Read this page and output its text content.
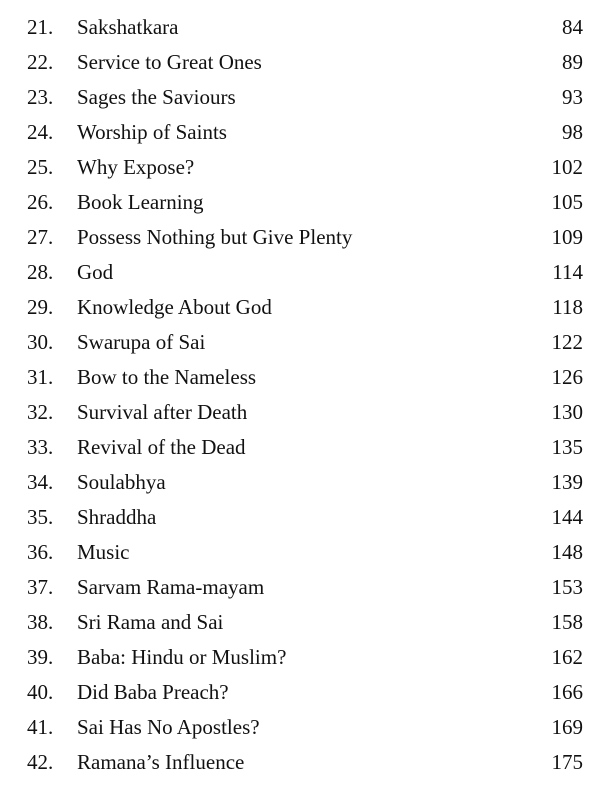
21.	Sakshatkara	84
22.	Service to Great Ones	89
23.	Sages the Saviours	93
24.	Worship of Saints	98
25.	Why Expose?	102
26.	Book Learning	105
27.	Possess Nothing but Give Plenty	109
28.	God	114
29.	Knowledge About God	118
30.	Swarupa of Sai	122
31.	Bow to the Nameless	126
32.	Survival after Death	130
33.	Revival of the Dead	135
34.	Soulabhya	139
35.	Shraddha	144
36.	Music	148
37.	Sarvam Rama-mayam	153
38.	Sri Rama and Sai	158
39.	Baba: Hindu or Muslim?	162
40.	Did Baba Preach?	166
41.	Sai Has No Apostles?	169
42.	Ramana’s Influence	175
